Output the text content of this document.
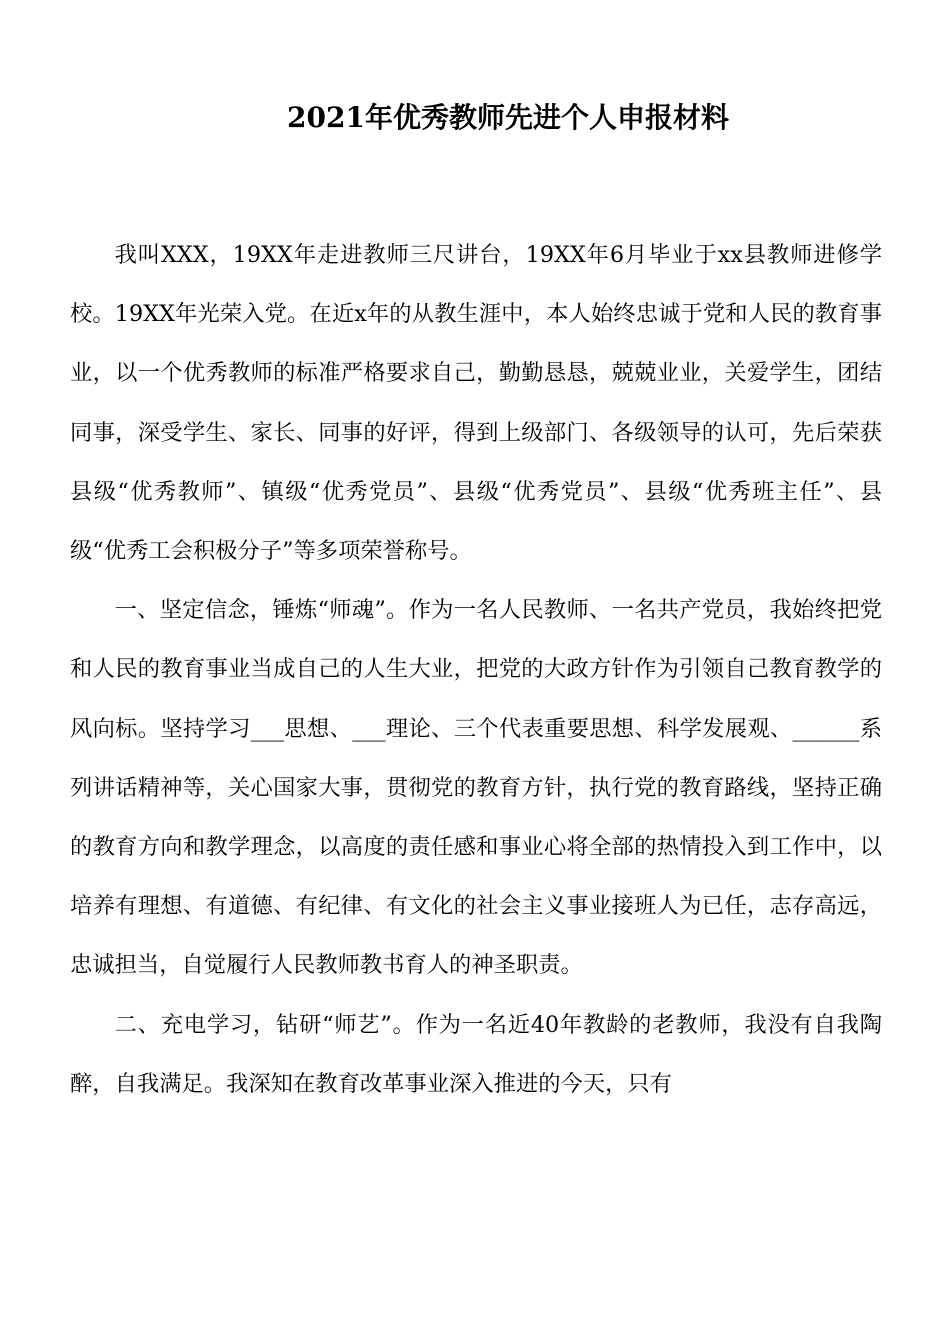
2021年优秀教师先进个人申报材料

我叫XXX，19XX年走进教师三尺讲台，19XX年6月毕业于xx县教师进修学校。19XX年光荣入党。在近x年的从教生涯中，本人始终忠诚于党和人民的教育事业，以一个优秀教师的标准严格要求自己，勤勤恳恳，兢兢业业，关爱学生，团结同事，深受学生、家长、同事的好评，得到上级部门、各级领导的认可，先后荣获县级“优秀教师”、镇级“优秀党员”、县级“优秀党员”、县级“优秀班主任”、县级“优秀工会积极分子”等多项荣誉称号。

一、坚定信念，锤炼“师魂”。作为一名人民教师、一名共产党员，我始终把党和人民的教育事业当成自己的人生大业，把党的大政方针作为引领自己教育教学的风向标。坚持学习___思想、___理论、三个代表重要思想、科学发展观、______系列讲话精神等，关心国家大事，贯彻党的教育方针，执行党的教育路线，坚持正确的教育方向和教学理念，以高度的责任感和事业心将全部的热情投入到工作中，以培养有理想、有道德、有纪律、有文化的社会主义事业接班人为已任，志存高远，忠诚担当，自觉履行人民教师教书育人的神圣职责。

二、充电学习，钻研“师艺”。作为一名近40年教龄的老教师，我没有自我陶醉，自我满足。我深知在教育改革事业深入推进的今天，只有
